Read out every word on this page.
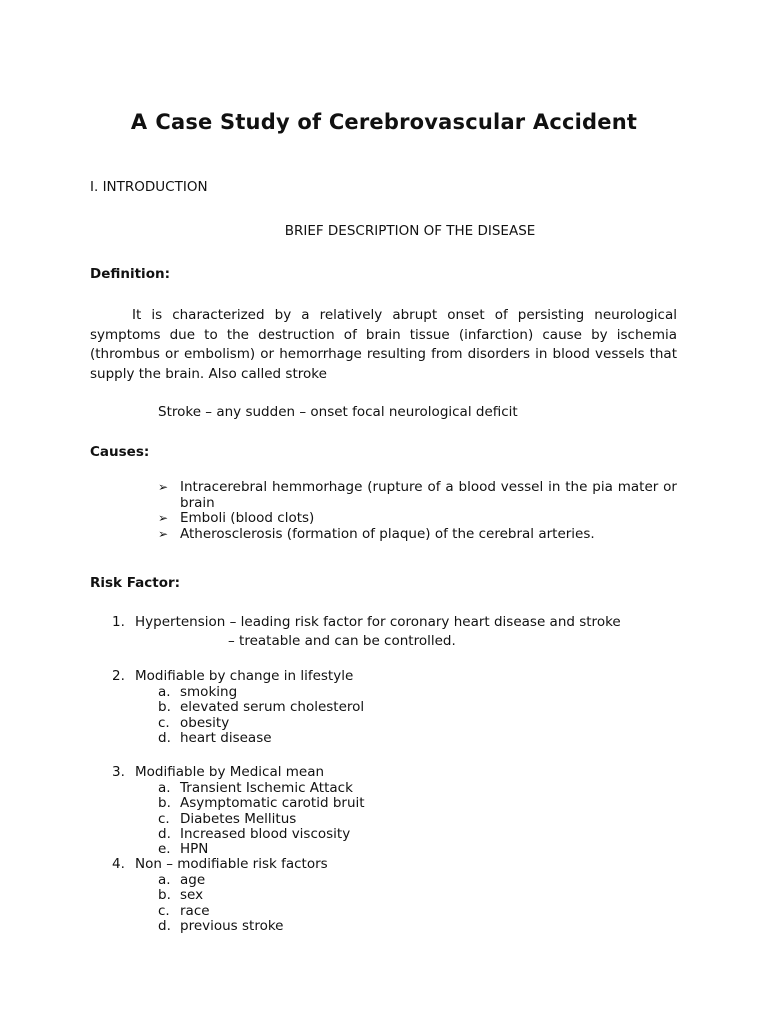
A Case Study of Cerebrovascular Accident
I. INTRODUCTION
BRIEF DESCRIPTION OF THE DISEASE
Definition:
It is characterized by a relatively abrupt onset of persisting neurological symptoms due to the destruction of brain tissue (infarction) cause by ischemia (thrombus or embolism) or hemorrhage resulting from disorders in blood vessels that supply the brain. Also called stroke
Stroke – any sudden – onset focal neurological deficit
Causes:
➢ Intracerebral hemmorhage (rupture of a blood vessel in the pia mater or brain
➢ Emboli (blood clots)
➢ Atherosclerosis (formation of plaque) of the cerebral arteries.
Risk Factor:
1. Hypertension – leading risk factor for coronary heart disease and stroke
– treatable and can be controlled.
2. Modifiable by change in lifestyle
a. smoking
b. elevated serum cholesterol
c. obesity
d. heart disease
3. Modifiable by Medical mean
a. Transient Ischemic Attack
b. Asymptomatic carotid bruit
c. Diabetes Mellitus
d. Increased blood viscosity
e. HPN
4. Non – modifiable risk factors
a. age
b. sex
c. race
d. previous stroke
